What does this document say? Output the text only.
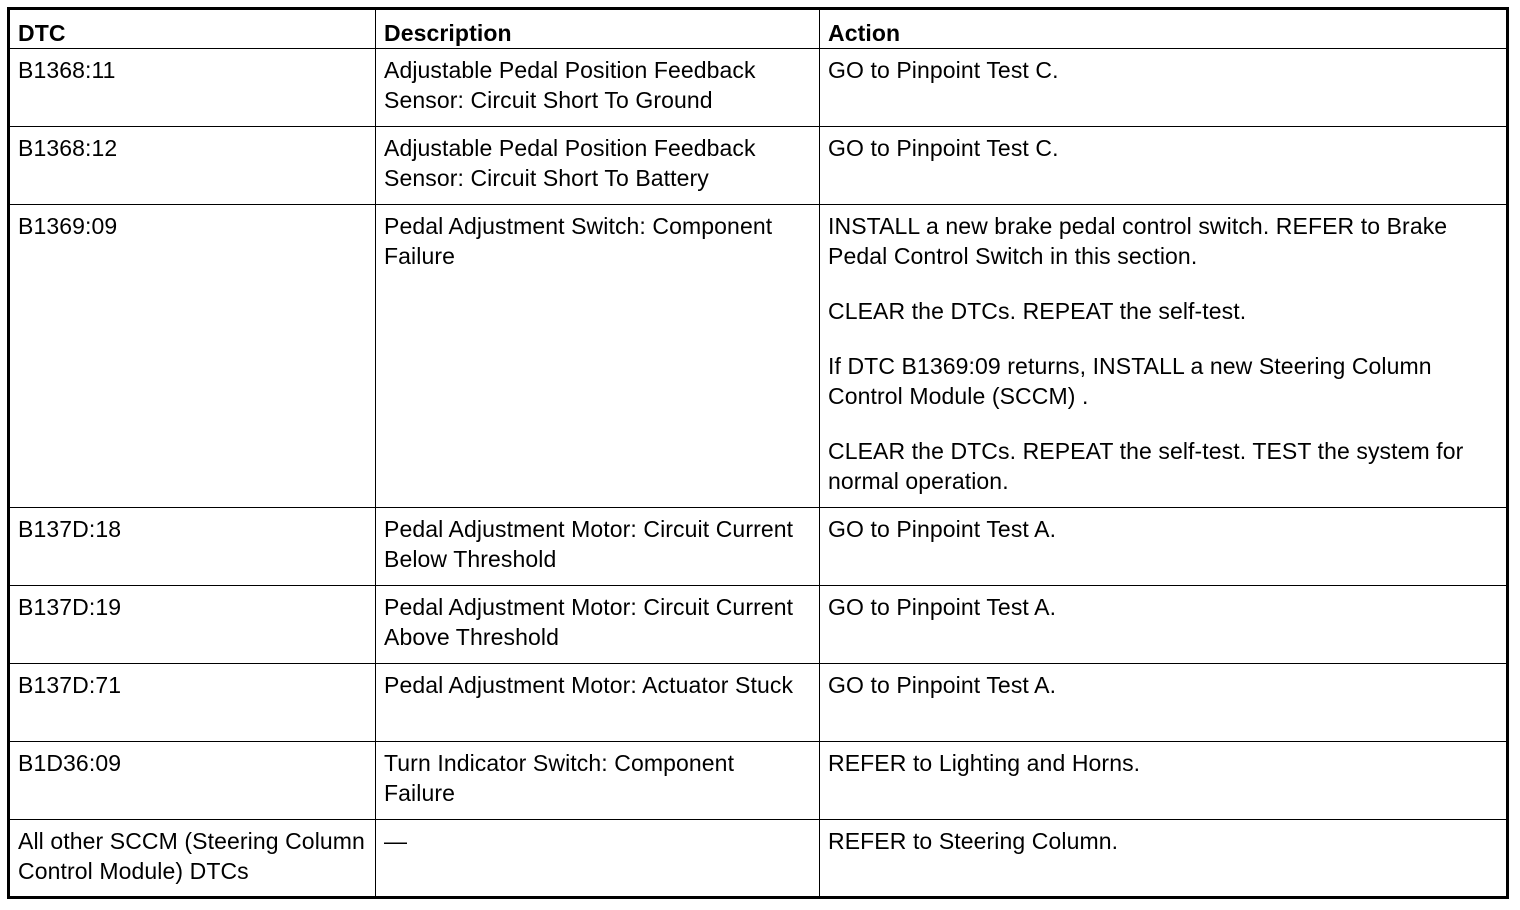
DTC	Description	Action
B1368:11	Adjustable Pedal Position Feedback Sensor: Circuit Short To Ground	GO to Pinpoint Test C.

B1368:12	Adjustable Pedal Position Feedback Sensor: Circuit Short To Battery	GO to Pinpoint Test C.

B1369:09	Pedal Adjustment Switch: Component Failure	INSTALL a new brake pedal control switch. REFER to Brake Pedal Control Switch in this section.
CLEAR the DTCs. REPEAT the self-test.
If DTC B1369:09 returns, INSTALL a new Steering Column Control Module (SCCM) .
CLEAR the DTCs. REPEAT the self-test. TEST the system for normal operation.

B137D:18	Pedal Adjustment Motor: Circuit Current Below Threshold	GO to Pinpoint Test A.

B137D:19	Pedal Adjustment Motor: Circuit Current Above Threshold	GO to Pinpoint Test A.

B137D:71	Pedal Adjustment Motor: Actuator Stuck	GO to Pinpoint Test A.

B1D36:09	Turn Indicator Switch: Component Failure	REFER to Lighting and Horns.

All other SCCM (Steering Column Control Module) DTCs	—	REFER to Steering Column.
